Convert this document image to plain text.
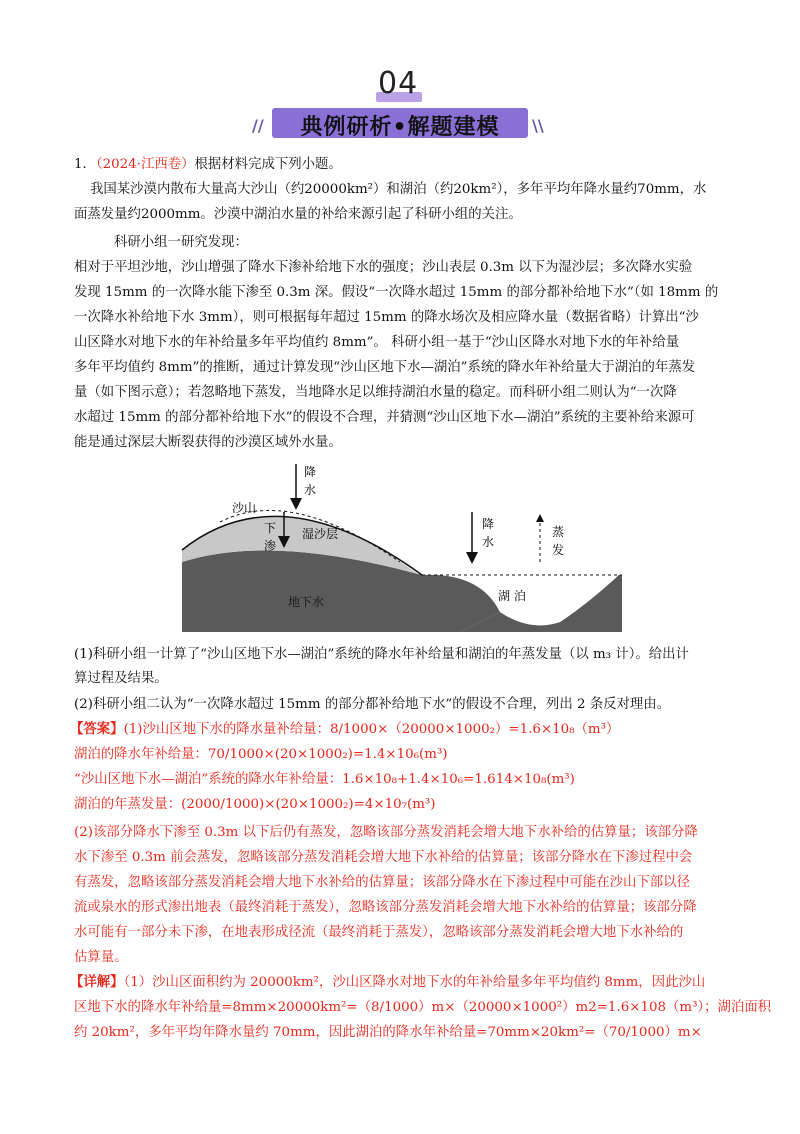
04
//	典例研析•解题建模	\\
1．（2024·江西卷）根据材料完成下列小题。
我国某沙漠内散布大量高大沙山（约20000km²）和湖泊（约20km²），多年平均年降水量约70mm，水
面蒸发量约2000mm。沙漠中湖泊水量的补给来源引起了科研小组的关注。
科研小组一研究发现：
相对于平坦沙地，沙山增强了降水下渗补给地下水的强度；沙山表层 0.3m 以下为湿沙层；多次降水实验
发现 15mm 的一次降水能下渗至 0.3m 深。假设“一次降水超过 15mm 的部分都补给地下水”（如 18mm 的
一次降水补给地下水 3mm），则可根据每年超过 15mm 的降水场次及相应降水量（数据省略）计算出“沙
山区降水对地下水的年补给量多年平均值约 8mm”。 科研小组一基于“沙山区降水对地下水的年补给量
多年平均值约 8mm”的推断，通过计算发现“沙山区地下水—湖泊”系统的降水年补给量大于湖泊的年蒸发
量（如下图示意）；若忽略地下蒸发，当地降水足以维持湖泊水量的稳定。而科研小组二则认为“一次降
水超过 15mm 的部分都补给地下水”的假设不合理，并猜测“沙山区地下水—湖泊”系统的主要补给来源可
能是通过深层大断裂获得的沙漠区域外水量。
降
水
沙山
下
渗
湿沙层
地下水
降
水
蒸
发
湖 泊
(1)科研小组一计算了“沙山区地下水—湖泊”系统的降水年补给量和湖泊的年蒸发量（以 m₃ 计）。给出计
算过程及结果。
(2)科研小组二认为“一次降水超过 15mm 的部分都补给地下水”的假设不合理，列出 2 条反对理由。
【答案】(1)沙山区地下水的降水量补给量：8/1000×（20000×1000₂）=1.6×10₈（m³）
湖泊的降水年补给量：70/1000×(20×1000₂)=1.4×10₆(m³)
“沙山区地下水—湖泊”系统的降水年补给量：1.6×10₈+1.4×10₆=1.614×10₈(m³)
湖泊的年蒸发量：(2000/1000)×(20×1000₂)=4×10₇(m³)
(2)该部分降水下渗至 0.3m 以下后仍有蒸发，忽略该部分蒸发消耗会增大地下水补给的估算量；该部分降
水下渗至 0.3m 前会蒸发，忽略该部分蒸发消耗会增大地下水补给的估算量；该部分降水在下渗过程中会
有蒸发，忽略该部分蒸发消耗会增大地下水补给的估算量；该部分降水在下渗过程中可能在沙山下部以径
流或泉水的形式渗出地表（最终消耗于蒸发），忽略该部分蒸发消耗会增大地下水补给的估算量；该部分降
水可能有一部分未下渗，在地表形成径流（最终消耗于蒸发），忽略该部分蒸发消耗会增大地下水补给的
估算量。
【详解】（1）沙山区面积约为 20000km²，沙山区降水对地下水的年补给量多年平均值约 8mm，因此沙山
区地下水的降水年补给量=8mm×20000km²=（8/1000）m×（20000×1000²）m2=1.6×108（m³）；湖泊面积
约 20km²，多年平均年降水量约 70mm，因此湖泊的降水年补给量=70mm×20km²=（70/1000）m×
